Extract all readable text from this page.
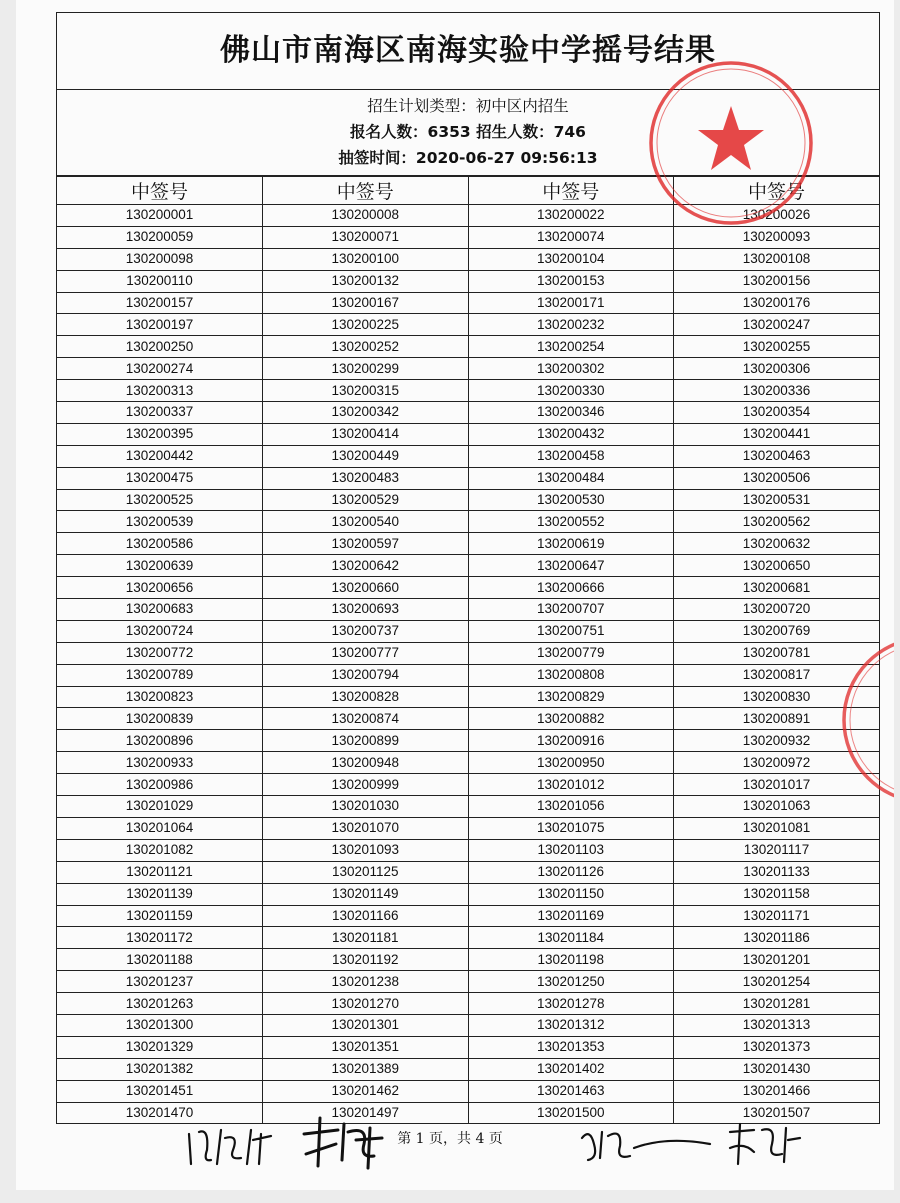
佛山市南海区南海实验中学摇号结果
招生计划类型：初中区内招生
报名人数：6353 招生人数：746
抽签时间：2020-06-27 09:56:13
中签号	中签号	中签号	中签号
130200001	130200008	130200022	130200026
130200059	130200071	130200074	130200093
130200098	130200100	130200104	130200108
130200110	130200132	130200153	130200156
130200157	130200167	130200171	130200176
130200197	130200225	130200232	130200247
130200250	130200252	130200254	130200255
130200274	130200299	130200302	130200306
130200313	130200315	130200330	130200336
130200337	130200342	130200346	130200354
130200395	130200414	130200432	130200441
130200442	130200449	130200458	130200463
130200475	130200483	130200484	130200506
130200525	130200529	130200530	130200531
130200539	130200540	130200552	130200562
130200586	130200597	130200619	130200632
130200639	130200642	130200647	130200650
130200656	130200660	130200666	130200681
130200683	130200693	130200707	130200720
130200724	130200737	130200751	130200769
130200772	130200777	130200779	130200781
130200789	130200794	130200808	130200817
130200823	130200828	130200829	130200830
130200839	130200874	130200882	130200891
130200896	130200899	130200916	130200932
130200933	130200948	130200950	130200972
130200986	130200999	130201012	130201017
130201029	130201030	130201056	130201063
130201064	130201070	130201075	130201081
130201082	130201093	130201103	130201117
130201121	130201125	130201126	130201133
130201139	130201149	130201150	130201158
130201159	130201166	130201169	130201171
130201172	130201181	130201184	130201186
130201188	130201192	130201198	130201201
130201237	130201238	130201250	130201254
130201263	130201270	130201278	130201281
130201300	130201301	130201312	130201313
130201329	130201351	130201353	130201373
130201382	130201389	130201402	130201430
130201451	130201462	130201463	130201466
130201470	130201497	130201500	130201507
第 1 页，共 4 页
